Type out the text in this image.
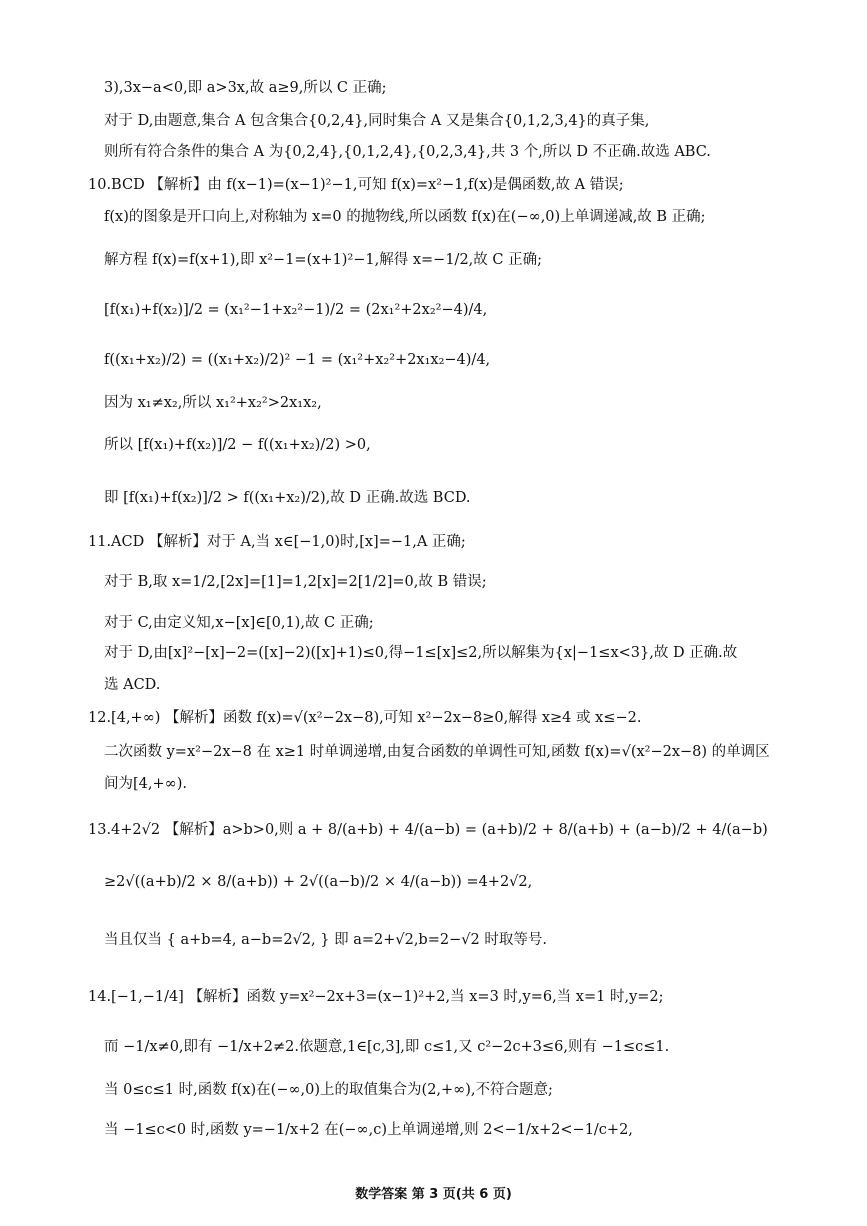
3),3x−a<0,即 a>3x,故 a≥9,所以 C 正确;
对于 D,由题意,集合 A 包含集合{0,2,4},同时集合 A 又是集合{0,1,2,3,4}的真子集,
则所有符合条件的集合 A 为{0,2,4},{0,1,2,4},{0,2,3,4},共 3 个,所以 D 不正确.故选 ABC.
10.BCD 【解析】由 f(x−1)=(x−1)²−1,可知 f(x)=x²−1,f(x)是偶函数,故 A 错误;
f(x)的图象是开口向上,对称轴为 x=0 的抛物线,所以函数 f(x)在(−∞,0)上单调递减,故 B 正确;
解方程 f(x)=f(x+1),即 x²−1=(x+1)²−1,解得 x=−1/2,故 C 正确;
[f(x₁)+f(x₂)]/2 = (x₁²−1+x₂²−1)/2 = (2x₁²+2x₂²−4)/4,
f((x₁+x₂)/2) = ((x₁+x₂)/2)² −1 = (x₁²+x₂²+2x₁x₂−4)/4,
因为 x₁≠x₂,所以 x₁²+x₂²>2x₁x₂,
所以 [f(x₁)+f(x₂)]/2 − f((x₁+x₂)/2) >0,
即 [f(x₁)+f(x₂)]/2 > f((x₁+x₂)/2),故 D 正确.故选 BCD.
11.ACD 【解析】对于 A,当 x∈[−1,0)时,[x]=−1,A 正确;
对于 B,取 x=1/2,[2x]=[1]=1,2[x]=2[1/2]=0,故 B 错误;
对于 C,由定义知,x−[x]∈[0,1),故 C 正确;
对于 D,由[x]²−[x]−2=([x]−2)([x]+1)≤0,得−1≤[x]≤2,所以解集为{x|−1≤x<3},故 D 正确.故
选 ACD.
12.[4,+∞) 【解析】函数 f(x)=√(x²−2x−8),可知 x²−2x−8≥0,解得 x≥4 或 x≤−2.
二次函数 y=x²−2x−8 在 x≥1 时单调递增,由复合函数的单调性可知,函数 f(x)=√(x²−2x−8) 的单调区
间为[4,+∞).
13.4+2√2 【解析】a>b>0,则 a + 8/(a+b) + 4/(a−b) = (a+b)/2 + 8/(a+b) + (a−b)/2 + 4/(a−b)
≥2√((a+b)/2 × 8/(a+b)) + 2√((a−b)/2 × 4/(a−b)) =4+2√2,
当且仅当 { a+b=4, a−b=2√2, } 即 a=2+√2,b=2−√2 时取等号.
14.[−1,−1/4] 【解析】函数 y=x²−2x+3=(x−1)²+2,当 x=3 时,y=6,当 x=1 时,y=2;
而 −1/x≠0,即有 −1/x+2≠2.依题意,1∈[c,3],即 c≤1,又 c²−2c+3≤6,则有 −1≤c≤1.
当 0≤c≤1 时,函数 f(x)在(−∞,0)上的取值集合为(2,+∞),不符合题意;
当 −1≤c<0 时,函数 y=−1/x+2 在(−∞,c)上单调递增,则 2<−1/x+2<−1/c+2,
数学答案 第 3 页(共 6 页)
